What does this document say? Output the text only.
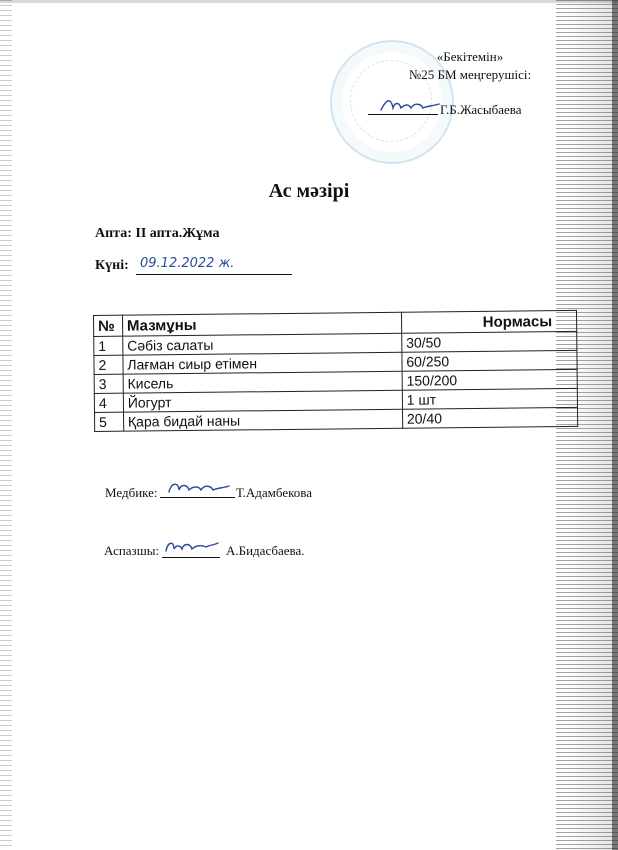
«Бекітемін»
№25 БМ меңгерушісі:
Г.Б.Жасыбаева
Ас мәзірі
Апта: ІІ апта.Жұма
Күні: 09.12.2022 ж.
№	Мазмұны	Нормасы
1	Сәбіз салаты	30/50
2	Лағман сиыр етімен	60/250
3	Кисель	150/200
4	Йогурт	1 шт
5	Қара бидай наны	20/40
Медбике:	Т.Адамбекова
Аспазшы:	А.Бидасбаева.
